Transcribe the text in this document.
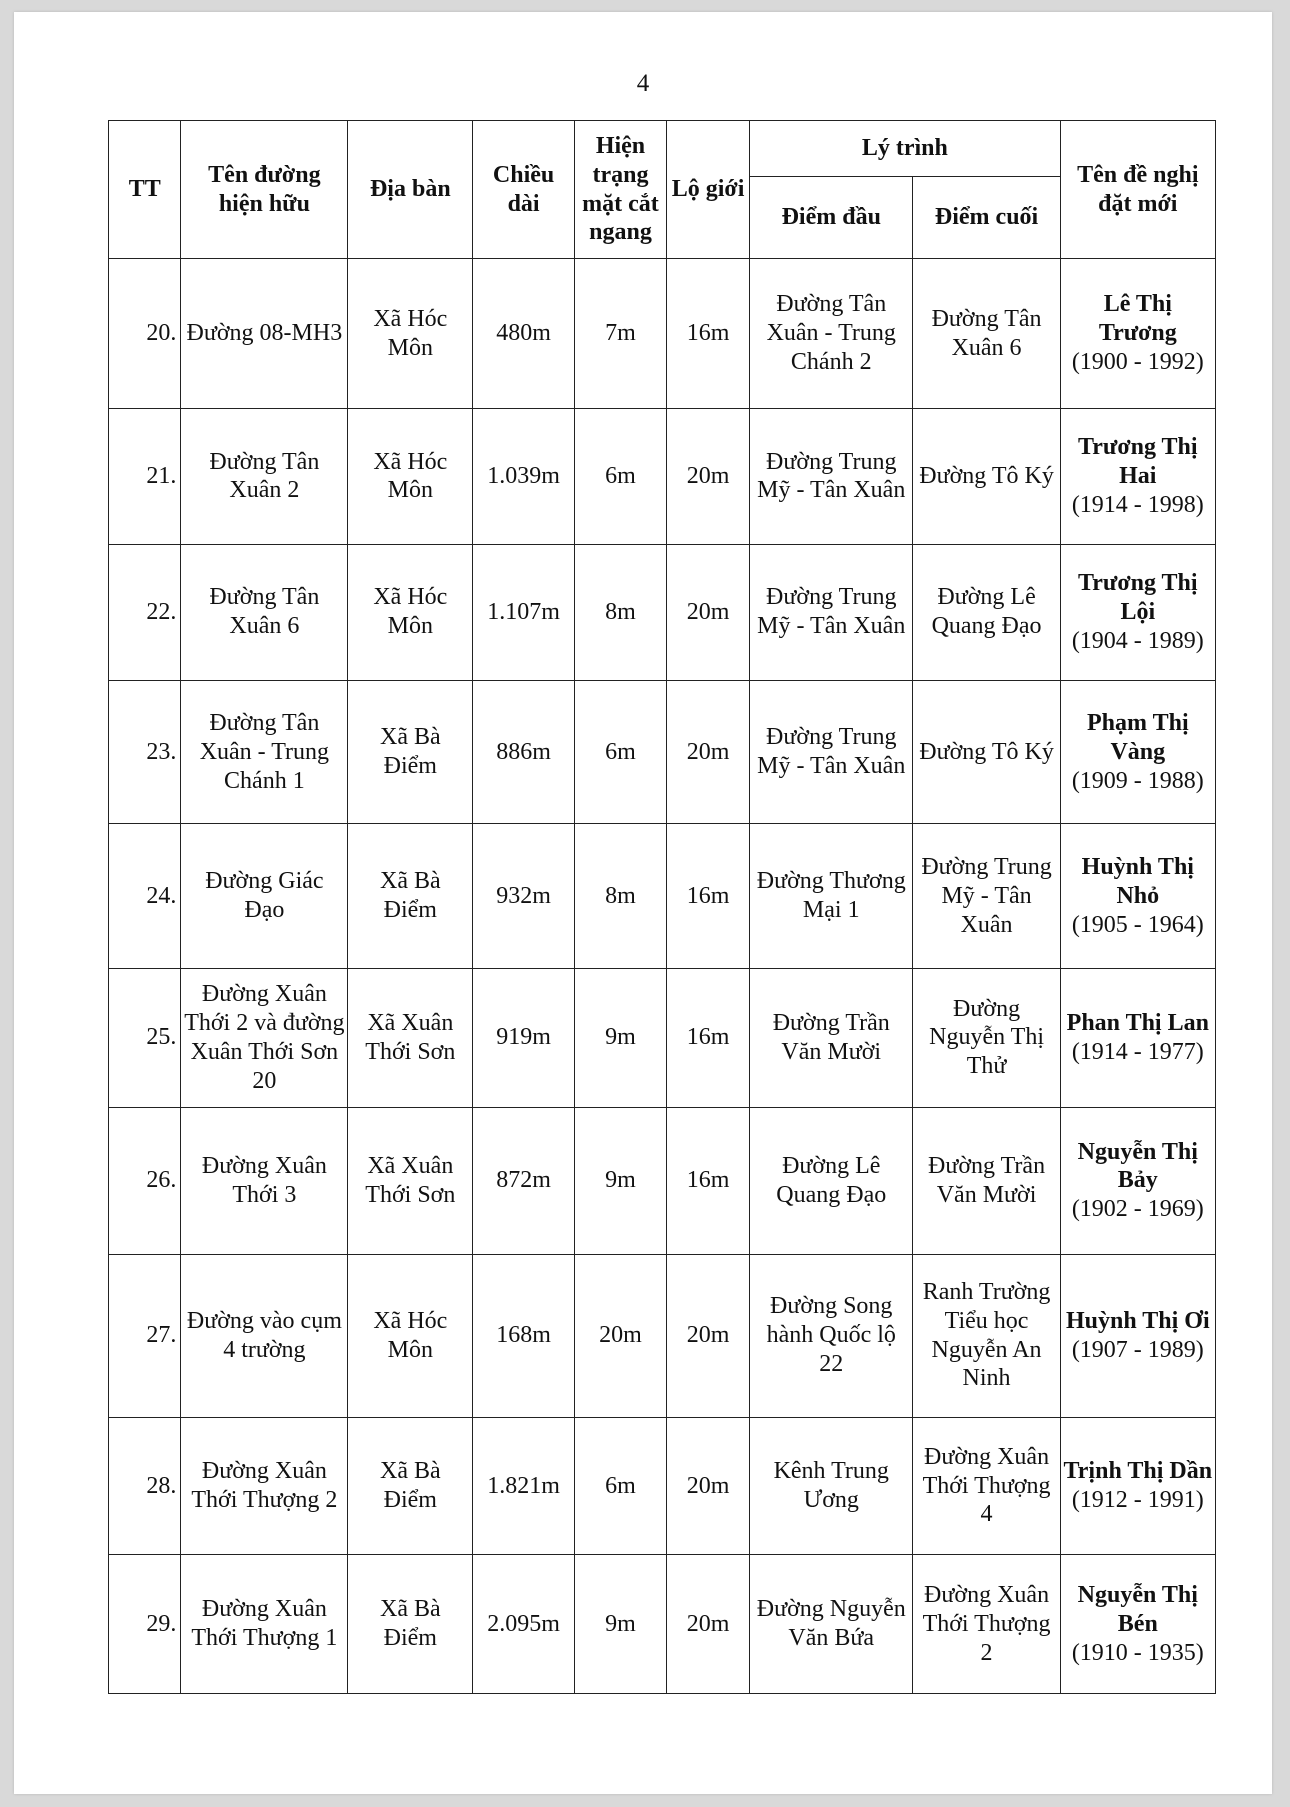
4
TT	Tên đường hiện hữu	Địa bàn	Chiều dài	Hiện trạng mặt cắt ngang	Lộ giới	Lý trình		Tên đề nghị đặt mới
						Điểm đầu	Điểm cuối	
20.	Đường 08-MH3	Xã Hóc Môn	480m	7m	16m	Đường Tân Xuân - Trung Chánh 2	Đường Tân Xuân 6	Lê Thị Trương
(1900 - 1992)

21.	Đường Tân Xuân 2	Xã Hóc Môn	1.039m	6m	20m	Đường Trung Mỹ - Tân Xuân	Đường Tô Ký	Trương Thị Hai
(1914 - 1998)

22.	Đường Tân Xuân 6	Xã Hóc Môn	1.107m	8m	20m	Đường Trung Mỹ - Tân Xuân	Đường Lê Quang Đạo	Trương Thị Lội
(1904 - 1989)

23.	Đường Tân Xuân - Trung Chánh 1	Xã Bà Điểm	886m	6m	20m	Đường Trung Mỹ - Tân Xuân	Đường Tô Ký	Phạm Thị Vàng
(1909 - 1988)

24.	Đường Giác Đạo	Xã Bà Điểm	932m	8m	16m	Đường Thương Mại 1	Đường Trung Mỹ - Tân Xuân	Huỳnh Thị Nhỏ
(1905 - 1964)

25.	Đường Xuân Thới 2 và đường Xuân Thới Sơn 20	Xã Xuân Thới Sơn	919m	9m	16m	Đường Trần Văn Mười	Đường Nguyễn Thị Thử	Phan Thị Lan
(1914 - 1977)

26.	Đường Xuân Thới 3	Xã Xuân Thới Sơn	872m	9m	16m	Đường Lê Quang Đạo	Đường Trần Văn Mười	Nguyễn Thị Bảy
(1902 - 1969)

27.	Đường vào cụm 4 trường	Xã Hóc Môn	168m	20m	20m	Đường Song hành Quốc lộ 22	Ranh Trường Tiểu học Nguyễn An Ninh	Huỳnh Thị Ơi
(1907 - 1989)

28.	Đường Xuân Thới Thượng 2	Xã Bà Điểm	1.821m	6m	20m	Kênh Trung Ương	Đường Xuân Thới Thượng 4	Trịnh Thị Dần
(1912 - 1991)

29.	Đường Xuân Thới Thượng 1	Xã Bà Điểm	2.095m	9m	20m	Đường Nguyễn Văn Bứa	Đường Xuân Thới Thượng 2	Nguyễn Thị Bén
(1910 - 1935)
